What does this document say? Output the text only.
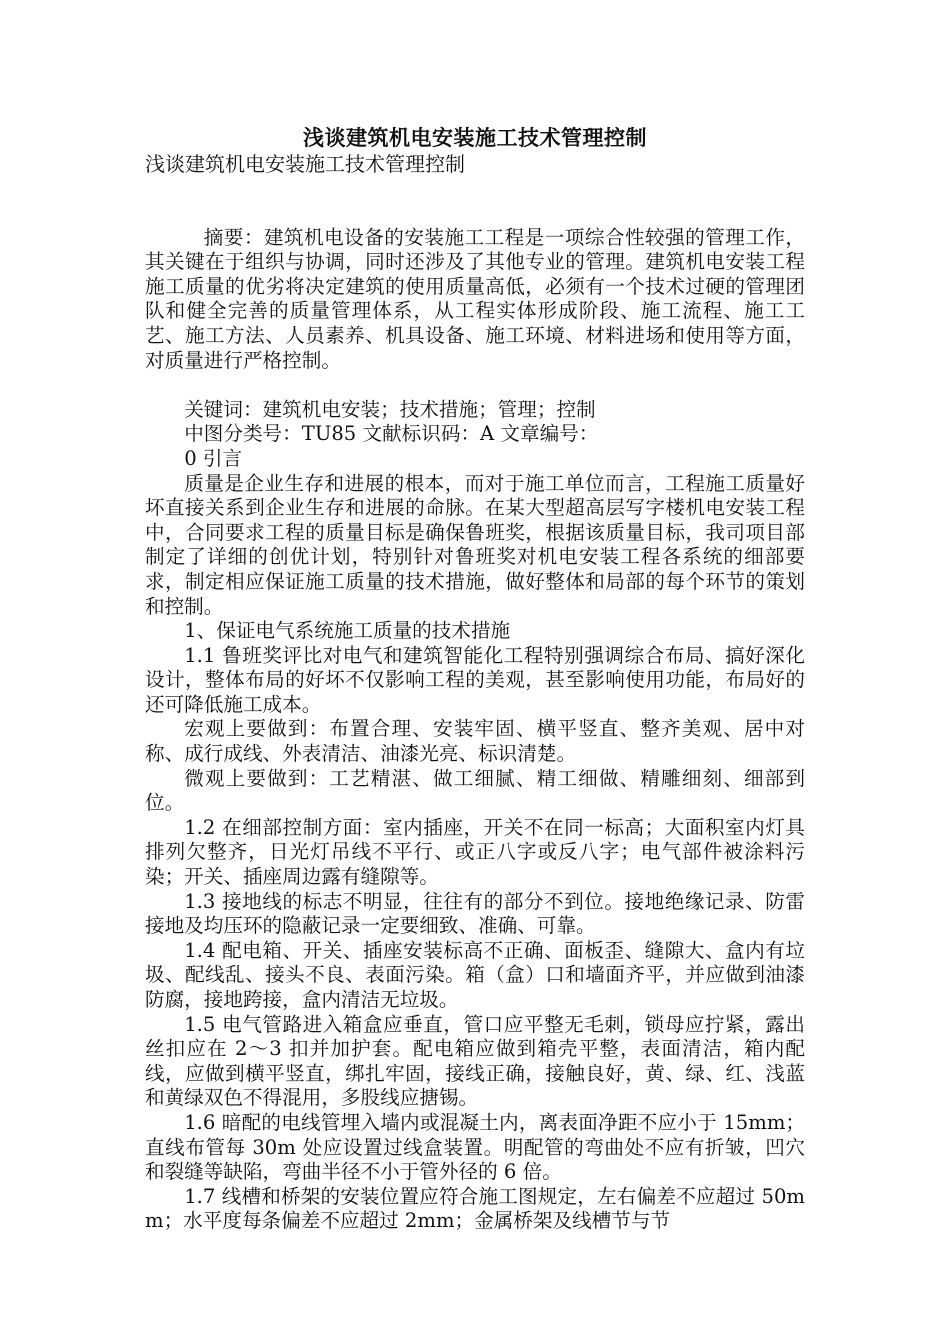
浅谈建筑机电安装施工技术管理控制
浅谈建筑机电安装施工技术管理控制

摘要：建筑机电设备的安装施工工程是一项综合性较强的管理工作，其关键在于组织与协调，同时还涉及了其他专业的管理。建筑机电安装工程施工质量的优劣将决定建筑的使用质量高低，必须有一个技术过硬的管理团队和健全完善的质量管理体系，从工程实体形成阶段、施工流程、施工工艺、施工方法、人员素养、机具设备、施工环境、材料进场和使用等方面，对质量进行严格控制。

关键词：建筑机电安装；技术措施；管理；控制

中图分类号：TU85 文献标识码：A 文章编号：

0 引言

质量是企业生存和进展的根本，而对于施工单位而言，工程施工质量好坏直接关系到企业生存和进展的命脉。在某大型超高层写字楼机电安装工程中，合同要求工程的质量目标是确保鲁班奖，根据该质量目标，我司项目部制定了详细的创优计划，特别针对鲁班奖对机电安装工程各系统的细部要求，制定相应保证施工质量的技术措施，做好整体和局部的每个环节的策划和控制。

1、保证电气系统施工质量的技术措施

1.1 鲁班奖评比对电气和建筑智能化工程特别强调综合布局、搞好深化设计，整体布局的好坏不仅影响工程的美观，甚至影响使用功能，布局好的还可降低施工成本。

宏观上要做到：布置合理、安装牢固、横平竖直、整齐美观、居中对称、成行成线、外表清洁、油漆光亮、标识清楚。

微观上要做到：工艺精湛、做工细腻、精工细做、精雕细刻、细部到位。

1.2 在细部控制方面：室内插座，开关不在同一标高；大面积室内灯具排列欠整齐，日光灯吊线不平行、或正八字或反八字；电气部件被涂料污染；开关、插座周边露有缝隙等。

1.3 接地线的标志不明显，往往有的部分不到位。接地绝缘记录、防雷接地及均压环的隐蔽记录一定要细致、准确、可靠。

1.4 配电箱、开关、插座安装标高不正确、面板歪、缝隙大、盒内有垃圾、配线乱、接头不良、表面污染。箱（盒）口和墙面齐平，并应做到油漆防腐，接地跨接，盒内清洁无垃圾。

1.5 电气管路进入箱盒应垂直，管口应平整无毛刺，锁母应拧紧，露出丝扣应在 2～3 扣并加护套。配电箱应做到箱壳平整，表面清洁，箱内配线，应做到横平竖直，绑扎牢固，接线正确，接触良好，黄、绿、红、浅蓝和黄绿双色不得混用，多股线应搪锡。

1.6 暗配的电线管埋入墙内或混凝土内，离表面净距不应小于 15mm；直线布管每 30m 处应设置过线盒装置。明配管的弯曲处不应有折皱，凹穴和裂缝等缺陷，弯曲半径不小于管外径的 6 倍。

1.7 线槽和桥架的安装位置应符合施工图规定，左右偏差不应超过 50mm；水平度每条偏差不应超过 2mm；金属桥架及线槽节与节
